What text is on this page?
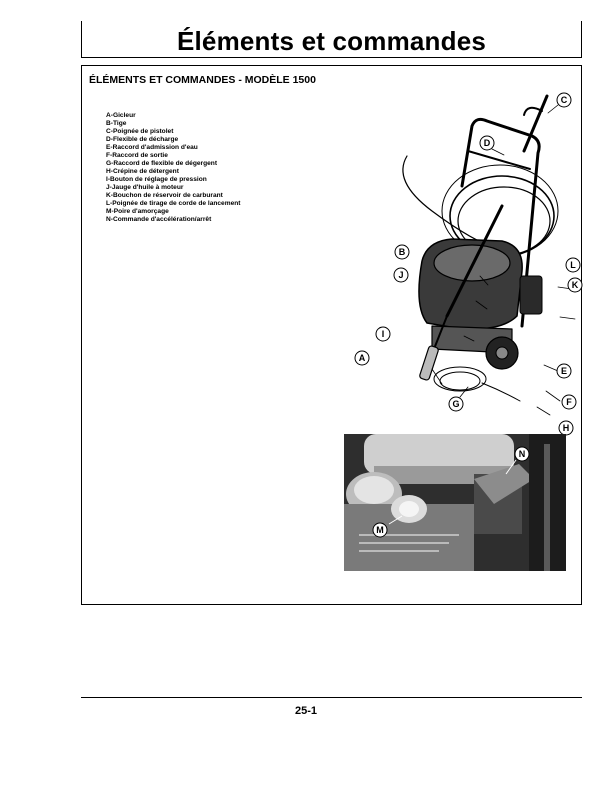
Éléments et commandes
ÉLÉMENTS ET COMMANDES - MODÈLE 1500
A-Gicleur
B-Tige
C-Poignée de pistolet
D-Flexible de décharge
E-Raccord d'admission d'eau
F-Raccord de sortie
G-Raccord de flexible de dégergent
H-Crépine de détergent
I-Bouton de réglage de pression
J-Jauge d'huile à moteur
K-Bouchon de réservoir de carburant
L-Poignée de tirage de corde de lancement
M-Poire d'amorçage
N-Commande d'accélération/arrêt
A
B
C
D
E
F
G
H
I
J
K
L
M
N
25-1
